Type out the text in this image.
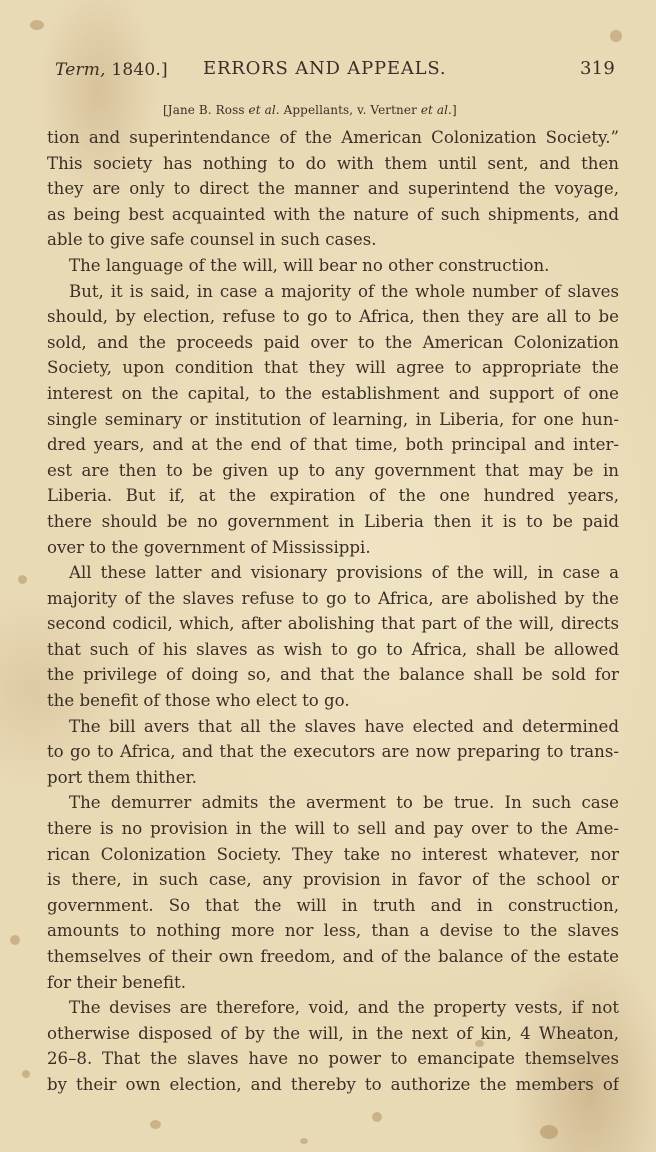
Term, 1840.] ERRORS AND APPEALS.	319
[Jane B. Ross et al. Appellants, v. Vertner et al.]
tion and superintendance of the American Colonization Society.”
This society has nothing to do with them until sent, and then
they are only to direct the manner and superintend the voyage,
as being best acquainted with the nature of such shipments, and
able to give safe counsel in such cases.
The language of the will, will bear no other construction.
But, it is said, in case a majority of the whole number of slaves
should, by election, refuse to go to Africa, then they are all to be
sold, and the proceeds paid over to the American Colonization
Society, upon condition that they will agree to appropriate the
interest on the capital, to the establishment and support of one
single seminary or institution of learning, in Liberia, for one hun-
dred years, and at the end of that time, both principal and inter-
est are then to be given up to any government that may be in
Liberia. But if, at the expiration of the one hundred years,
there should be no government in Liberia then it is to be paid
over to the government of Mississippi.
All these latter and visionary provisions of the will, in case a
majority of the slaves refuse to go to Africa, are abolished by the
second codicil, which, after abolishing that part of the will, directs
that such of his slaves as wish to go to Africa, shall be allowed
the privilege of doing so, and that the balance shall be sold for
the benefit of those who elect to go.
The bill avers that all the slaves have elected and determined
to go to Africa, and that the executors are now preparing to trans-
port them thither.
The demurrer admits the averment to be true. In such case
there is no provision in the will to sell and pay over to the Ame-
rican Colonization Society. They take no interest whatever, nor
is there, in such case, any provision in favor of the school or
government. So that the will in truth and in construction,
amounts to nothing more nor less, than a devise to the slaves
themselves of their own freedom, and of the balance of the estate
for their benefit.
The devises are therefore, void, and the property vests, if not
otherwise disposed of by the will, in the next of kin, 4 Wheaton,
26–8. That the slaves have no power to emancipate themselves
by their own election, and thereby to authorize the members of
